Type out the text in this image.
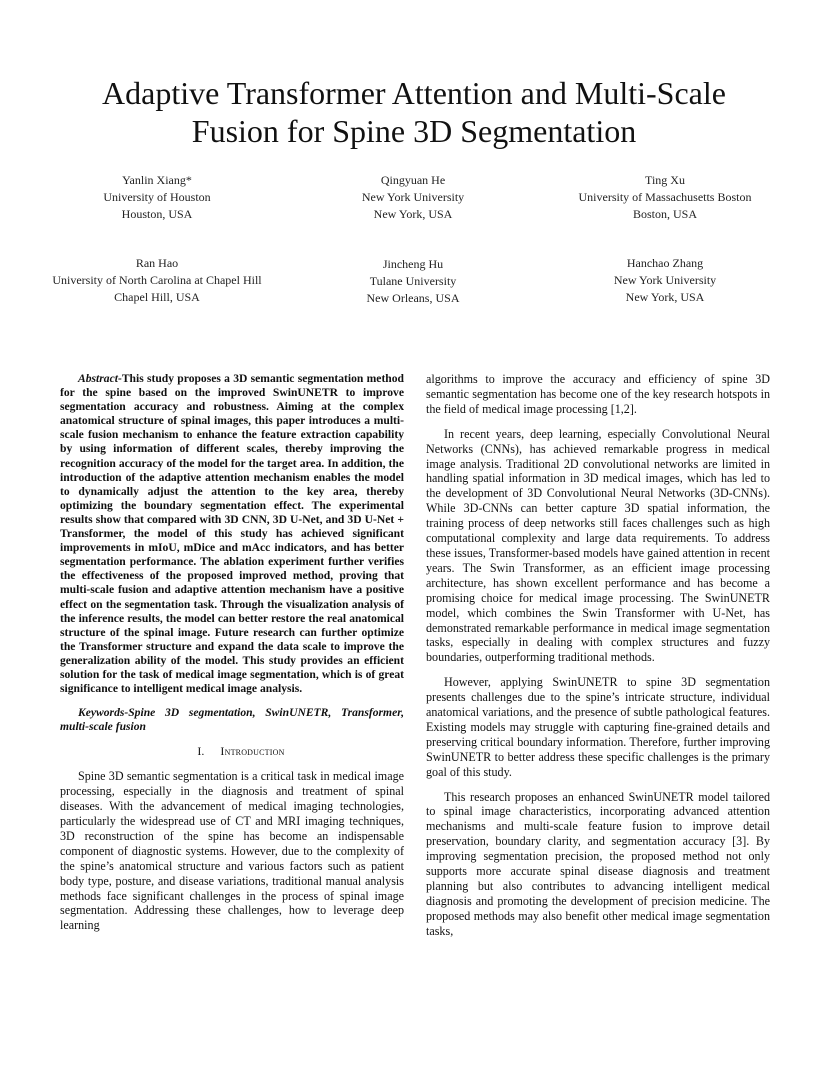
Adaptive Transformer Attention and Multi-Scale
Fusion for Spine 3D Segmentation
Yanlin Xiang*
University of Houston
Houston, USA
Qingyuan He
New York University
New York, USA
Ting Xu
University of Massachusetts Boston
Boston, USA
Ran Hao
University of North Carolina at Chapel Hill
Chapel Hill, USA
Jincheng Hu
Tulane University
New Orleans, USA
Hanchao Zhang
New York University
New York, USA

Abstract-This study proposes a 3D semantic segmentation method for the spine based on the improved SwinUNETR to improve segmentation accuracy and robustness. Aiming at the complex anatomical structure of spinal images, this paper introduces a multi-scale fusion mechanism to enhance the feature extraction capability by using information of different scales, thereby improving the recognition accuracy of the model for the target area. In addition, the introduction of the adaptive attention mechanism enables the model to dynamically adjust the attention to the key area, thereby optimizing the boundary segmentation effect. The experimental results show that compared with 3D CNN, 3D U-Net, and 3D U-Net + Transformer, the model of this study has achieved significant improvements in mIoU, mDice and mAcc indicators, and has better segmentation performance. The ablation experiment further verifies the effectiveness of the proposed improved method, proving that multi-scale fusion and adaptive attention mechanism have a positive effect on the segmentation task. Through the visualization analysis of the inference results, the model can better restore the real anatomical structure of the spinal image. Future research can further optimize the Transformer structure and expand the data scale to improve the generalization ability of the model. This study provides an efficient solution for the task of medical image segmentation, which is of great significance to intelligent medical image analysis.

Keywords-Spine 3D segmentation, SwinUNETR, Transformer, multi-scale fusion

I. Introduction

Spine 3D semantic segmentation is a critical task in medical image processing, especially in the diagnosis and treatment of spinal diseases. With the advancement of medical imaging technologies, particularly the widespread use of CT and MRI imaging techniques, 3D reconstruction of the spine has become an indispensable component of diagnostic systems. However, due to the complexity of the spine’s anatomical structure and various factors such as patient body type, posture, and disease variations, traditional manual analysis methods face significant challenges in the process of spinal image segmentation. Addressing these challenges, how to leverage deep learning

algorithms to improve the accuracy and efficiency of spine 3D semantic segmentation has become one of the key research hotspots in the field of medical image processing [1,2].

In recent years, deep learning, especially Convolutional Neural Networks (CNNs), has achieved remarkable progress in medical image analysis. Traditional 2D convolutional networks are limited in handling spatial information in 3D medical images, which has led to the development of 3D Convolutional Neural Networks (3D-CNNs). While 3D-CNNs can better capture 3D spatial information, the training process of deep networks still faces challenges such as high computational complexity and large data requirements. To address these issues, Transformer-based models have gained attention in recent years. The Swin Transformer, as an efficient image processing architecture, has shown excellent performance and has become a promising choice for medical image processing. The SwinUNETR model, which combines the Swin Transformer with U-Net, has demonstrated remarkable performance in medical image segmentation tasks, especially in dealing with complex structures and fuzzy boundaries, outperforming traditional methods.

However, applying SwinUNETR to spine 3D segmentation presents challenges due to the spine’s intricate structure, individual anatomical variations, and the presence of subtle pathological features. Existing models may struggle with capturing fine-grained details and preserving critical boundary information. Therefore, further improving SwinUNETR to better address these specific challenges is the primary goal of this study.

This research proposes an enhanced SwinUNETR model tailored to spinal image characteristics, incorporating advanced attention mechanisms and multi-scale feature fusion to improve detail preservation, boundary clarity, and segmentation accuracy [3]. By improving segmentation precision, the proposed method not only supports more accurate spinal disease diagnosis and treatment planning but also contributes to advancing intelligent medical diagnosis and promoting the development of precision medicine. The proposed methods may also benefit other medical image segmentation tasks,
